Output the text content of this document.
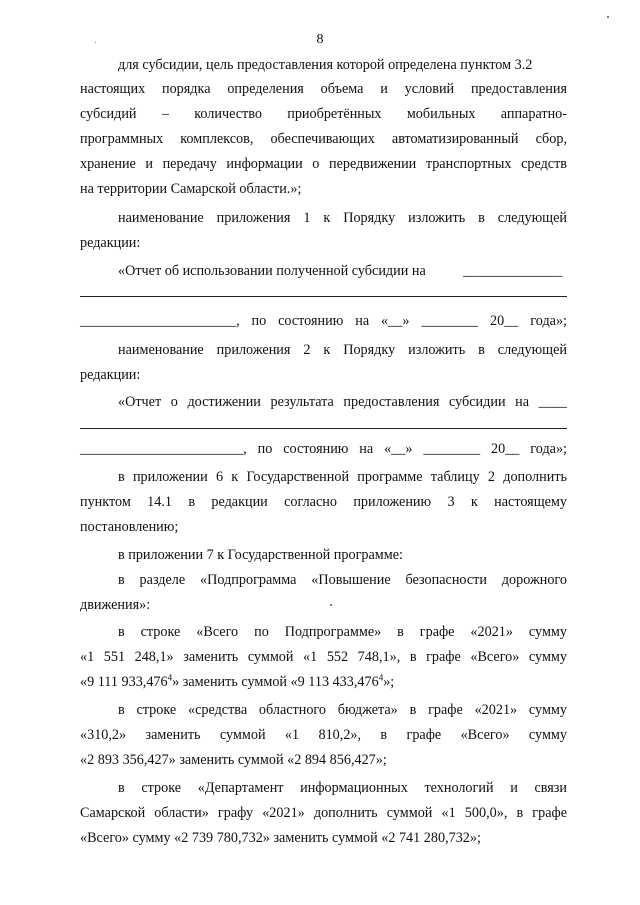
8
для субсидии, цель предоставления которой определена пунктом 3.2
настоящих порядка определения объема и условий предоставления
субсидий – количество приобретённых мобильных аппаратно-
программных комплексов, обеспечивающих автоматизированный сбор,
хранение и передачу информации о передвижении транспортных средств
на территории Самарской области.»;
наименование приложения 1 к Порядку изложить в следующей
редакции:
«Отчет об использовании полученной субсидии на	______________
______________________, по состоянию на «__» ________ 20__ года»;
наименование приложения 2 к Порядку изложить в следующей
редакции:
«Отчет о достижении результата предоставления субсидии на ____
_______________________, по состоянию на «__» ________ 20__ года»;
в приложении 6 к Государственной программе таблицу 2 дополнить
пунктом 14.1 в редакции согласно приложению 3 к настоящему
постановлению;
в приложении 7 к Государственной программе:
в разделе «Подпрограмма «Повышение безопасности дорожного
движения»:
в строке «Всего по Подпрограмме» в графе «2021» сумму
«1 551 248,1» заменить суммой «1 552 748,1», в графе «Всего» сумму
«9 111 933,476$^4$» заменить суммой «9 113 433,476$^4$»;
в строке «средства областного бюджета» в графе «2021» сумму
«310,2» заменить суммой «1 810,2», в графе «Всего» сумму
«2 893 356,427» заменить суммой «2 894 856,427»;
в строке «Департамент информационных технологий и связи
Самарской области» графу «2021» дополнить суммой «1 500,0», в графе
«Всего» сумму «2 739 780,732» заменить суммой «2 741 280,732»;
